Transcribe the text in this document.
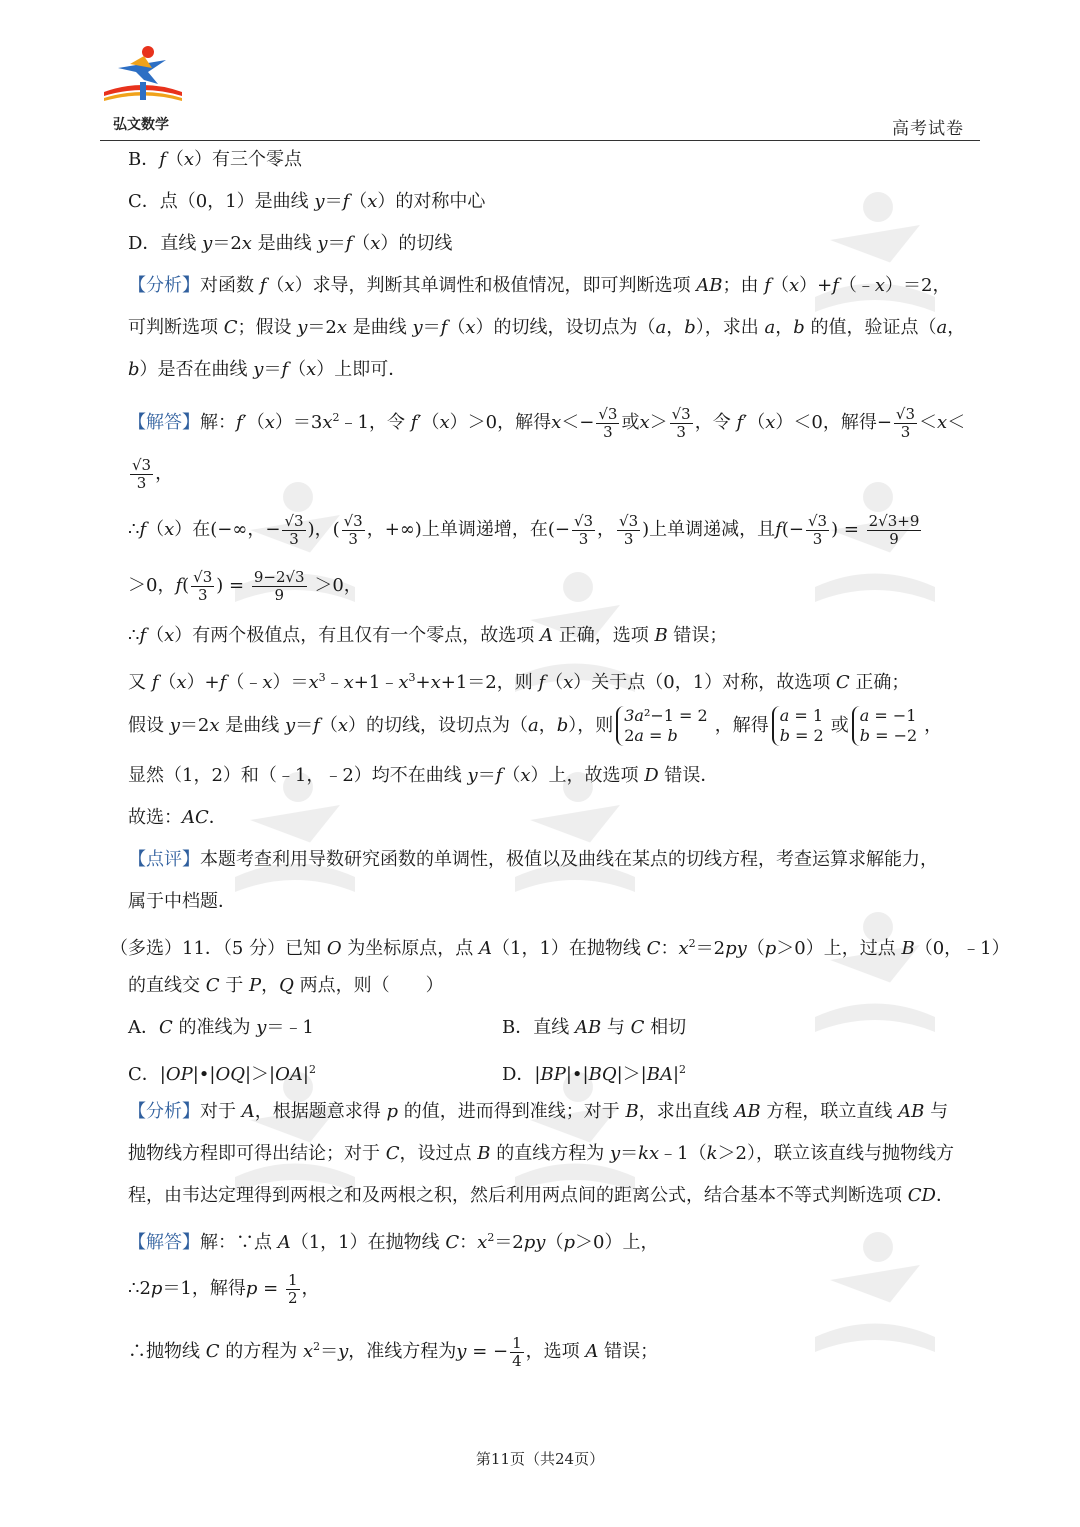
弘文数学	高考试卷
B．f（x）有三个零点
C．点（0，1）是曲线 y＝f（x）的对称中心
D．直线 y＝2x 是曲线 y＝f（x）的切线
【分析】对函数 f（x）求导，判断其单调性和极值情况，即可判断选项 AB；由 f（x）+f（﹣x）＝2，
可判断选项 C；假设 y＝2x 是曲线 y＝f（x）的切线，设切点为（a，b），求出 a，b 的值，验证点（a，
b）是否在曲线 y＝f（x）上即可．
【解答】解：$f'(x)=3x^2﹣1$，令 f′（x）＞0，解得$x<- \frac{√3}{3}$ 或$x> \frac{√3}{3}$ ，令 f′（x）＜0，解得− $\frac{√3}{3} <x<$
$\frac{√3}{3}$ ，
∴f（x）在(−∞，− $\frac{√3}{3}$ )，( $\frac{√3}{3}$ ，+∞)上单调递增，在(− $\frac{√3}{3}$ ， $\frac{√3}{3}$ )上单调递减，且$f(- \frac{√3}{3}$ ) = $\frac{2√3+9}{9}$
＞0，$f( \frac{√3}{3}$ ) = $\frac{9-2√3}{9} >0$，
∴f（x）有两个极值点，有且仅有一个零点，故选项 A 正确，选项 B 错误；
又 $f(x)+f(﹣x)=x^3﹣x+1﹣x^3+x+1=2$，则 f（x）关于点（0，1）对称，故选项 C 正确；
假设 y＝2x 是曲线 y＝f（x）的切线，设切点为（a，b），则 3a²−1 = 2
2a = b ，解得 a = 1
b = 2 或 a = −1
b = −2 ，
显然（1，2）和（﹣1，﹣2）均不在曲线 y＝f（x）上，故选项 D 错误．
故选：AC．
【点评】本题考查利用导数研究函数的单调性，极值以及曲线在某点的切线方程，考查运算求解能力，
属于中档题．
（多选）11．（5 分）已知 O 为坐标原点，点 A（1，1）在抛物线 C：$x^2=2py(p>0)$上，过点 B（0，﹣1）
的直线交 C 于 P，Q 两点，则（　　）
A．C 的准线为 y＝﹣1	B．直线 AB 与 C 相切
C．$|OP|•|OQ|>|OA|^2$	D．$|BP|•|BQ|>|BA|^2$
【分析】对于 A，根据题意求得 p 的值，进而得到准线；对于 B，求出直线 AB 方程，联立直线 AB 与
抛物线方程即可得出结论；对于 C，设过点 B 的直线方程为 y＝kx﹣1（k＞2），联立该直线与抛物线方
程，由韦达定理得到两根之和及两根之积，然后利用两点间的距离公式，结合基本不等式判断选项 CD．
【解答】解：∵点 A（1，1）在抛物线 C：$x^2=2py(p>0)$上，
∴2p＝1，解得$p = \frac{1}{2}$ ，
∴抛物线 C 的方程为 $x^2=y$，准线方程为y = − $\frac{1}{4}$ ，选项 A 错误；
第11页（共24页）
